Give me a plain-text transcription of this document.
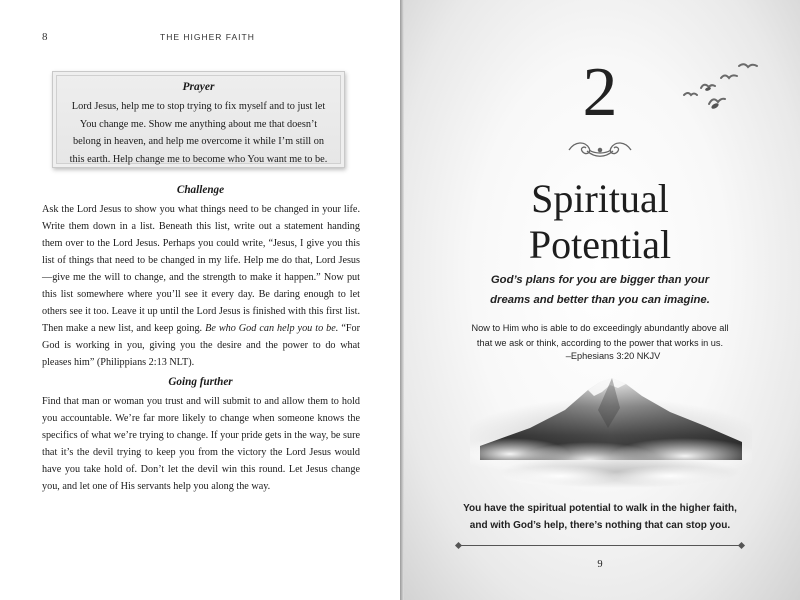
8	THE HIGHER FAITH
Prayer
Lord Jesus, help me to stop trying to fix myself and to just let You change me. Show me anything about me that doesn’t belong in heaven, and help me overcome it while I’m still on this earth. Help change me to become who You want me to be.
Challenge
Ask the Lord Jesus to show you what things need to be changed in your life. Write them down in a list. Beneath this list, write out a statement handing them over to the Lord Jesus. Perhaps you could write, “Jesus, I give you this list of things that need to be changed in my life. Help me do that, Lord Jesus—give me the will to change, and the strength to make it happen.” Now put this list somewhere where you’ll see it every day. Be daring enough to let others see it too. Leave it up until the Lord Jesus is finished with this first list. Then make a new list, and keep going. Be who God can help you to be. “For God is working in you, giving you the desire and the power to do what pleases him” (Philippians 2:13 NLT).
Going further
Find that man or woman you trust and will submit to and allow them to hold you accountable. We’re far more likely to change when someone knows the specifics of what we’re trying to change. If your pride gets in the way, be sure that it’s the devil trying to keep you from the victory the Lord Jesus would have you take hold of. Don’t let the devil win this round. Let Jesus change you, and let one of His servants help you along the way.
2
Spiritual
Potential
God’s plans for you are bigger than your
dreams and better than you can imagine.
Now to Him who is able to do exceedingly abundantly above all
that we ask or think, according to the power that works in us.
–Ephesians 3:20 NKJV
You have the spiritual potential to walk in the higher faith,
and with God’s help, there’s nothing that can stop you.
9
